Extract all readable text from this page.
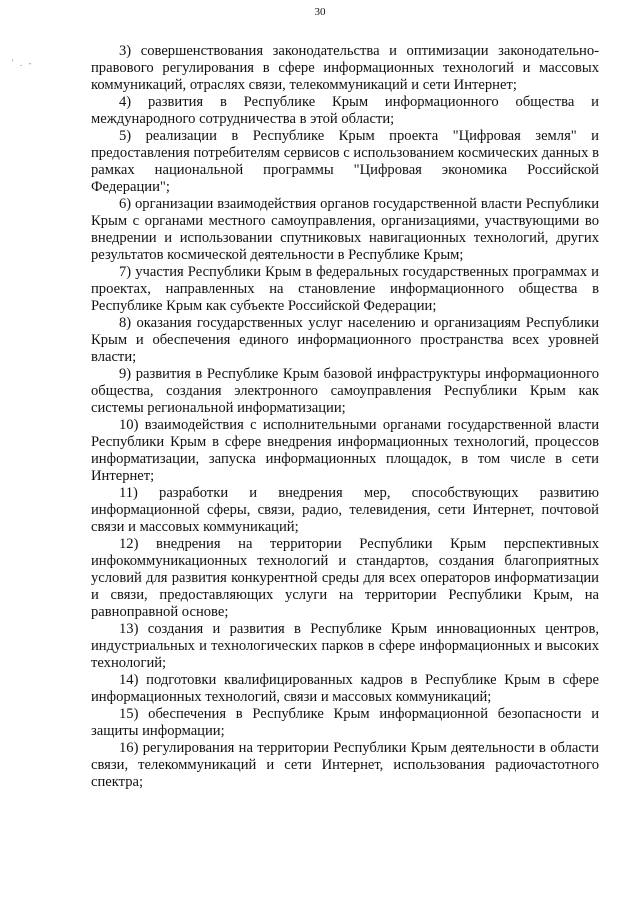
30
' . -

3) совершенствования законодательства и оптимизации законодательно-правового регулирования в сфере информационных технологий и массовых коммуникаций, отраслях связи, телекоммуникаций и сети Интернет;

4) развития в Республике Крым информационного общества и международного сотрудничества в этой области;

5) реализации в Республике Крым проекта "Цифровая земля" и предоставления потребителям сервисов с использованием космических данных в рамках национальной программы "Цифровая экономика Российской Федерации";

6) организации взаимодействия органов государственной власти Республики Крым с органами местного самоуправления, организациями, участвующими во внедрении и использовании спутниковых навигационных технологий, других результатов космической деятельности в Республике Крым;

7) участия Республики Крым в федеральных государственных программах и проектах, направленных на становление информационного общества в Республике Крым как субъекте Российской Федерации;

8) оказания государственных услуг населению и организациям Республики Крым и обеспечения единого информационного пространства всех уровней власти;

9) развития в Республике Крым базовой инфраструктуры информационного общества, создания электронного самоуправления Республики Крым как системы региональной информатизации;

10) взаимодействия с исполнительными органами государственной власти Республики Крым в сфере внедрения информационных технологий, процессов информатизации, запуска информационных площадок, в том числе в сети Интернет;

11) разработки и внедрения мер, способствующих развитию информационной сферы, связи, радио, телевидения, сети Интернет, почтовой связи и массовых коммуникаций;

12) внедрения на территории Республики Крым перспективных инфокоммуникационных технологий и стандартов, создания благоприятных условий для развития конкурентной среды для всех операторов информатизации и связи, предоставляющих услуги на территории Республики Крым, на равноправной основе;

13) создания и развития в Республике Крым инновационных центров, индустриальных и технологических парков в сфере информационных и высоких технологий;

14) подготовки квалифицированных кадров в Республике Крым в сфере информационных технологий, связи и массовых коммуникаций;

15) обеспечения в Республике Крым информационной безопасности и защиты информации;

16) регулирования на территории Республики Крым деятельности в области связи, телекоммуникаций и сети Интернет, использования радиочастотного спектра;
